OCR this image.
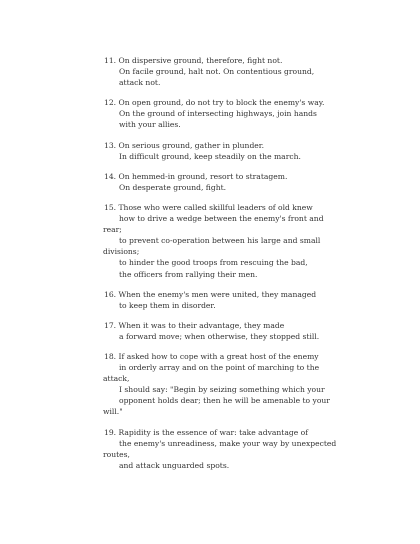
11. On dispersive ground, therefore, fight not.
On facile ground, halt not. On contentious ground,
attack not.
12. On open ground, do not try to block the enemy's way.
On the ground of intersecting highways, join hands
with your allies.
13. On serious ground, gather in plunder.
In difficult ground, keep steadily on the march.
14. On hemmed-in ground, resort to stratagem.
On desperate ground, fight.
15. Those who were called skillful leaders of old knew
how to drive a wedge between the enemy's front and
rear;
to prevent co-operation between his large and small
divisions;
to hinder the good troops from rescuing the bad,
the officers from rallying their men.
16. When the enemy's men were united, they managed
to keep them in disorder.
17. When it was to their advantage, they made
a forward move; when otherwise, they stopped still.
18. If asked how to cope with a great host of the enemy
in orderly array and on the point of marching to the
attack,
I should say: "Begin by seizing something which your
opponent holds dear; then he will be amenable to your
will."
19. Rapidity is the essence of war: take advantage of
the enemy's unreadiness, make your way by unexpected
routes,
and attack unguarded spots.
